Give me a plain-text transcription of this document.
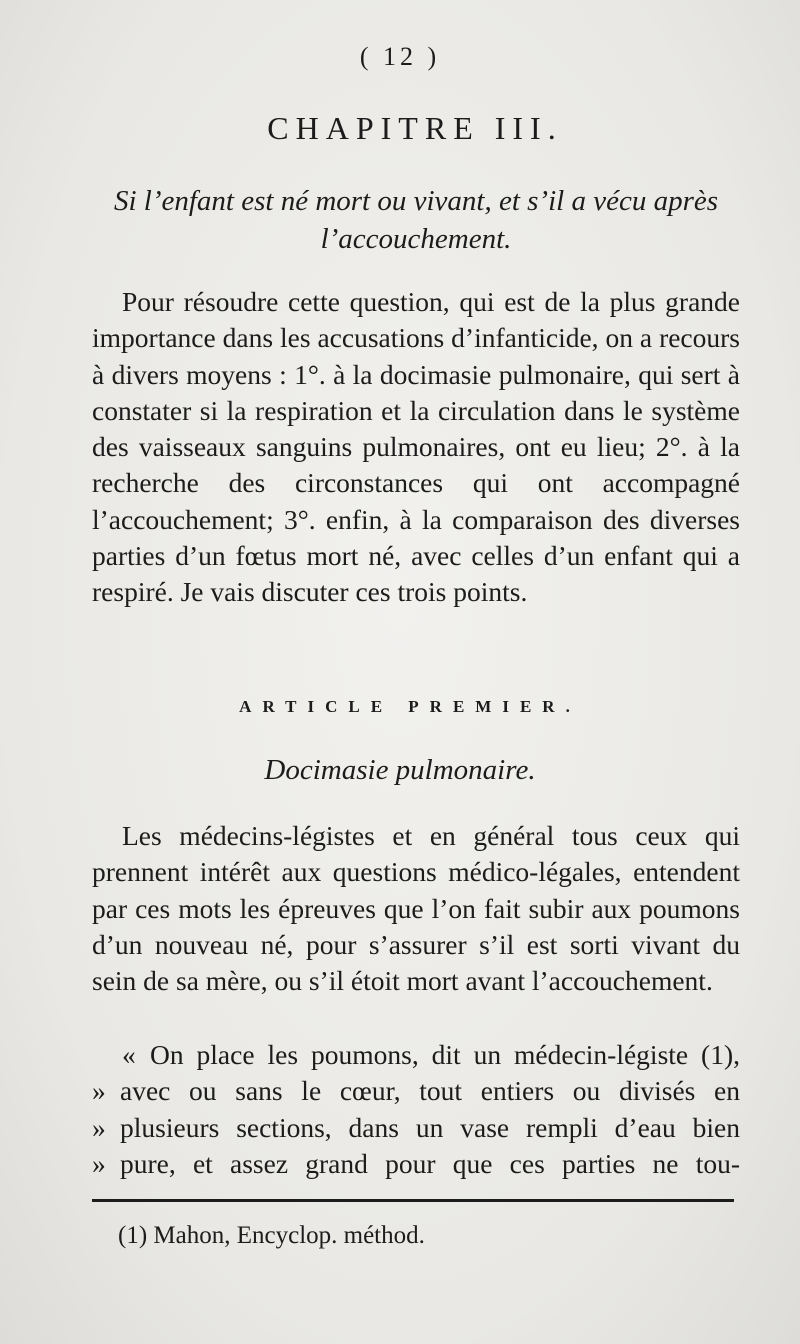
( 12 )
CHAPITRE III.
Si l’enfant est né mort ou vivant, et s’il a vécu après l’accouchement.
Pour résoudre cette question, qui est de la plus grande importance dans les accusations d’infanticide, on a recours à divers moyens : 1°. à la docimasie pulmonaire, qui sert à constater si la respiration et la circulation dans le système des vaisseaux sanguins pulmonaires, ont eu lieu; 2°. à la recherche des circonstances qui ont accompagné l’accouchement; 3°. enfin, à la comparaison des diverses parties d’un fœtus mort né, avec celles d’un enfant qui a respiré. Je vais discuter ces trois points.
ARTICLE PREMIER.
Docimasie pulmonaire.
Les médecins-légistes et en général tous ceux qui prennent intérêt aux questions médico-légales, entendent par ces mots les épreuves que l’on fait subir aux poumons d’un nouveau né, pour s’assurer s’il est sorti vivant du sein de sa mère, ou s’il étoit mort avant l’accouchement.
« On place les poumons, dit un médecin-légiste (1),
» avec ou sans le cœur, tout entiers ou divisés en
» plusieurs sections, dans un vase rempli d’eau bien
» pure, et assez grand pour que ces parties ne tou-
(1) Mahon, Encyclop. méthod.
